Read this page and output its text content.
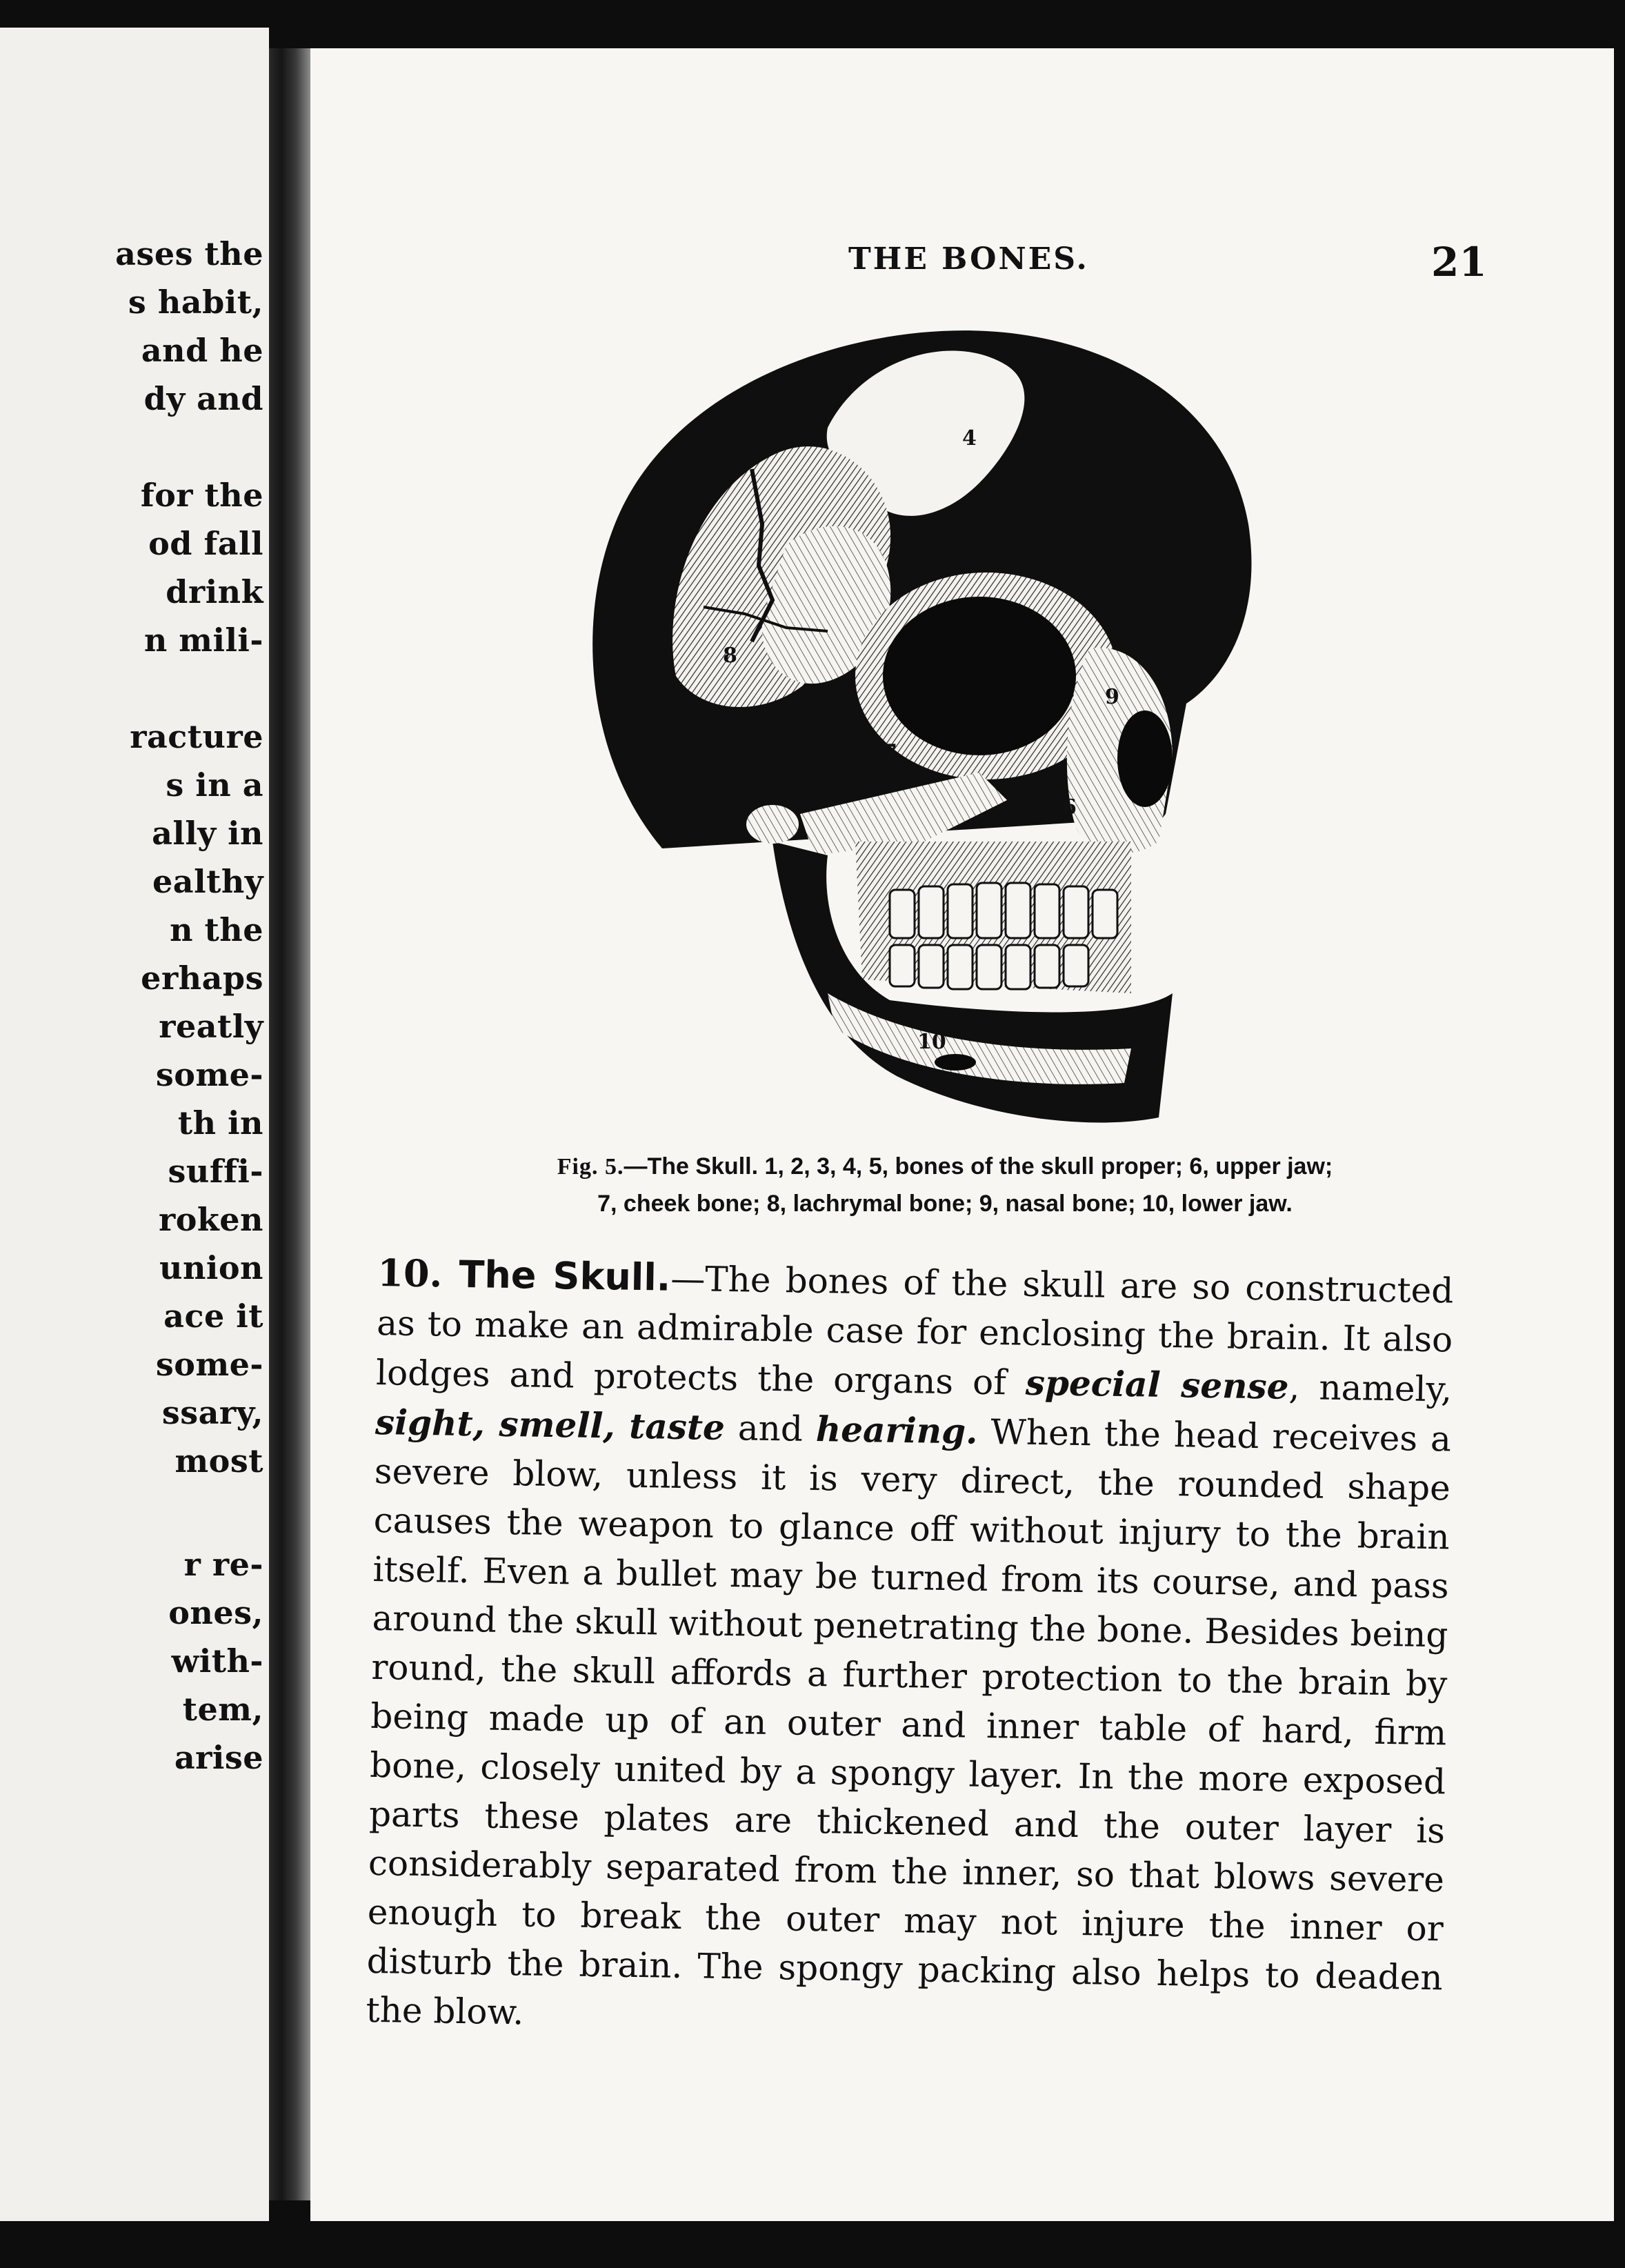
ases the

s habit,

and he

dy and

for the

od fall

drink

n mili-

racture

s in a

ally in

ealthy

n the

erhaps

reatly

some-

th in

suffi-

roken

union

ace it

some-

ssary,

most

r re-

ones,

with-

tem,

arise

THE BONES.	21

4
8
7
9
6
10

Fig. 5.—The Skull. 1, 2, 3, 4, 5, bones of the skull proper; 6, upper jaw;
7, cheek bone; 8, lachrymal bone; 9, nasal bone; 10, lower jaw.

10. The Skull.—The bones of the skull are so constructed as to make an admirable case for enclosing the brain. It also lodges and protects the organs of special sense, namely, sight, smell, taste and hearing. When the head receives a severe blow, unless it is very direct, the rounded shape causes the weapon to glance off without injury to the brain itself. Even a bullet may be turned from its course, and pass around the skull without penetrating the bone. Besides being round, the skull affords a further protection to the brain by being made up of an outer and inner table of hard, firm bone, closely united by a spongy layer. In the more exposed parts these plates are thickened and the outer layer is considerably separated from the inner, so that blows severe enough to break the outer may not injure the inner or disturb the brain. The spongy packing also helps to deaden the blow.
